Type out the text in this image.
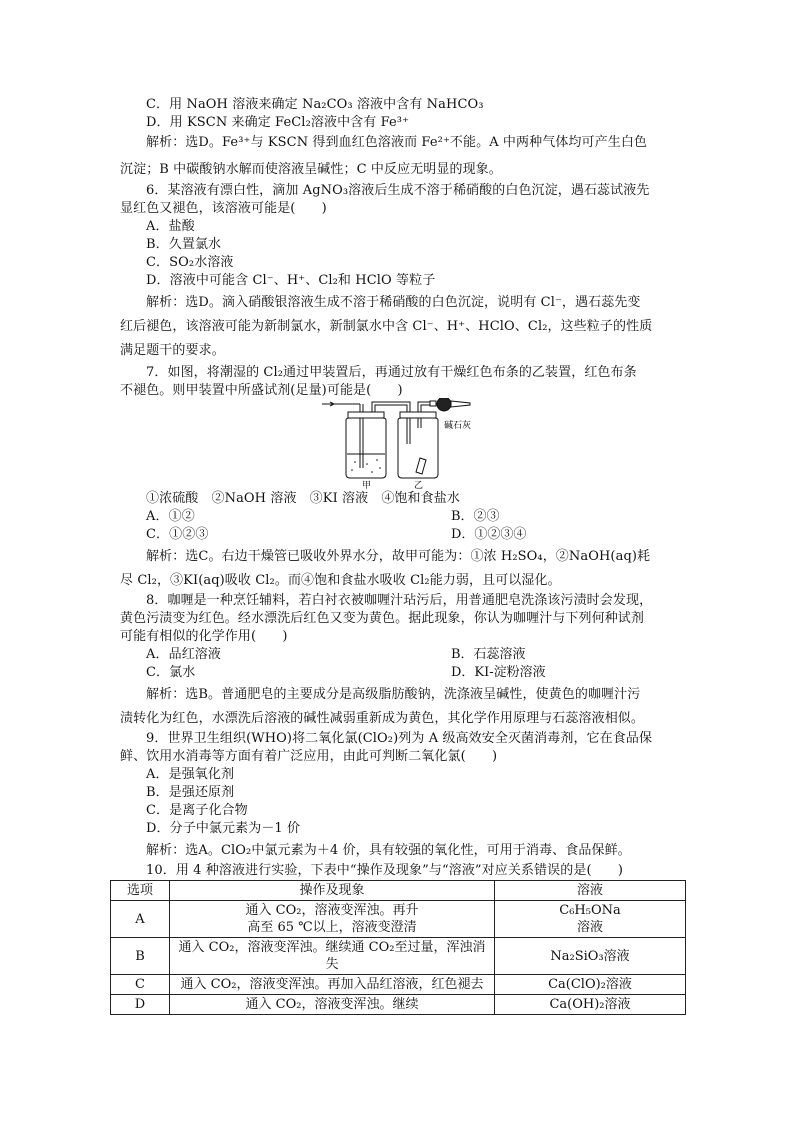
C．用 NaOH 溶液来确定 Na₂CO₃ 溶液中含有 NaHCO₃
D．用 KSCN 来确定 FeCl₂溶液中含有 Fe³⁺
解析：选D。Fe³⁺与 KSCN 得到血红色溶液而 Fe²⁺不能。A 中两种气体均可产生白色
沉淀；B 中碳酸钠水解而使溶液呈碱性；C 中反应无明显的现象。
6．某溶液有漂白性，滴加 AgNO₃溶液后生成不溶于稀硝酸的白色沉淀，遇石蕊试液先
显红色又褪色，该溶液可能是(　　)
A．盐酸
B．久置氯水
C．SO₂水溶液
D．溶液中可能含 Cl⁻、H⁺、Cl₂和 HClO 等粒子
解析：选D。滴入硝酸银溶液生成不溶于稀硝酸的白色沉淀，说明有 Cl⁻，遇石蕊先变
红后褪色，该溶液可能为新制氯水，新制氯水中含 Cl⁻、H⁺、HClO、Cl₂，这些粒子的性质
满足题干的要求。
7．如图，将潮湿的 Cl₂通过甲装置后，再通过放有干燥红色布条的乙装置，红色布条
不褪色。则甲装置中所盛试剂(足量)可能是(　　)
甲	乙
碱石灰
①浓硫酸　②NaOH 溶液　③KI 溶液　④饱和食盐水
A．①②	B．②③
C．①②③	D．①②③④
解析：选C。右边干燥管已吸收外界水分，故甲可能为：①浓 H₂SO₄，②NaOH(aq)耗
尽 Cl₂，③KI(aq)吸收 Cl₂。而④饱和食盐水吸收 Cl₂能力弱，且可以湿化。
8．咖喱是一种烹饪辅料，若白衬衣被咖喱汁玷污后，用普通肥皂洗涤该污渍时会发现，
黄色污渍变为红色。经水漂洗后红色又变为黄色。据此现象，你认为咖喱汁与下列何种试剂
可能有相似的化学作用(　　)
A．品红溶液	B．石蕊溶液
C．氯水	D．KI-淀粉溶液
解析：选B。普通肥皂的主要成分是高级脂肪酸钠，洗涤液呈碱性，使黄色的咖喱汁污
渍转化为红色，水漂洗后溶液的碱性减弱重新成为黄色，其化学作用原理与石蕊溶液相似。
9．世界卫生组织(WHO)将二氧化氯(ClO₂)列为 A 级高效安全灭菌消毒剂，它在食品保
鲜、饮用水消毒等方面有着广泛应用，由此可判断二氧化氯(　　)
A．是强氧化剂
B．是强还原剂
C．是离子化合物
D．分子中氯元素为－1 价
解析：选A。ClO₂中氯元素为＋4 价，具有较强的氧化性，可用于消毒、食品保鲜。
10．用 4 种溶液进行实验，下表中“操作及现象”与“溶液”对应关系错误的是(　　)
选项	操作及现象	溶液
A	通入 CO₂，溶液变浑浊。再升
高至 65 ℃以上，溶液变澄清	C₆H₅ONa
溶液
B	通入 CO₂，溶液变浑浊。继续通 CO₂至过量，浑浊消
失	Na₂SiO₃溶液
C	通入 CO₂，溶液变浑浊。再加入品红溶液，红色褪去	Ca(ClO)₂溶液
D	通入 CO₂，溶液变浑浊。继续	Ca(OH)₂溶液
